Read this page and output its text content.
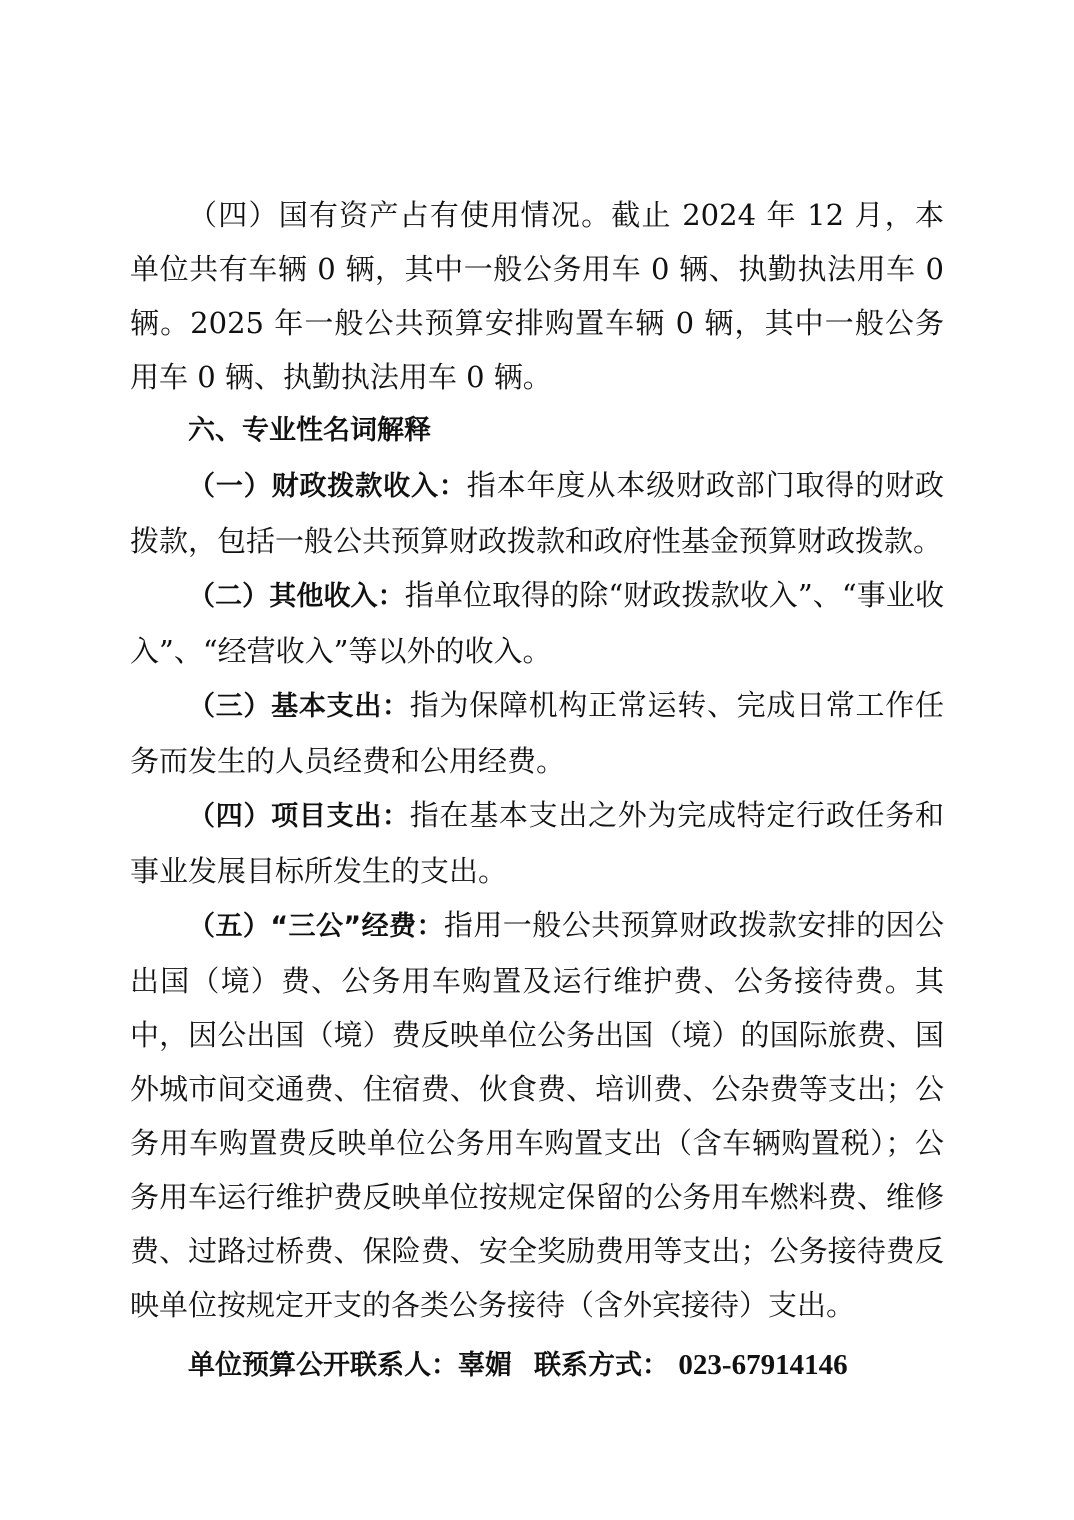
（四）国有资产占有使用情况。截止 2024 年 12 月，本单位共有车辆 0 辆，其中一般公务用车 0 辆、执勤执法用车 0 辆。2025 年一般公共预算安排购置车辆 0 辆，其中一般公务用车 0 辆、执勤执法用车 0 辆。

六、专业性名词解释

（一）财政拨款收入：指本年度从本级财政部门取得的财政拨款，包括一般公共预算财政拨款和政府性基金预算财政拨款。

（二）其他收入：指单位取得的除“财政拨款收入”、“事业收入”、“经营收入”等以外的收入。

（三）基本支出：指为保障机构正常运转、完成日常工作任务而发生的人员经费和公用经费。

（四）项目支出：指在基本支出之外为完成特定行政任务和事业发展目标所发生的支出。

（五）“三公”经费：指用一般公共预算财政拨款安排的因公出国（境）费、公务用车购置及运行维护费、公务接待费。其中，因公出国（境）费反映单位公务出国（境）的国际旅费、国外城市间交通费、住宿费、伙食费、培训费、公杂费等支出；公务用车购置费反映单位公务用车购置支出（含车辆购置税）；公务用车运行维护费反映单位按规定保留的公务用车燃料费、维修费、过路过桥费、保险费、安全奖励费用等支出；公务接待费反映单位按规定开支的各类公务接待（含外宾接待）支出。

单位预算公开联系人：辜媚 联系方式： 023-67914146
